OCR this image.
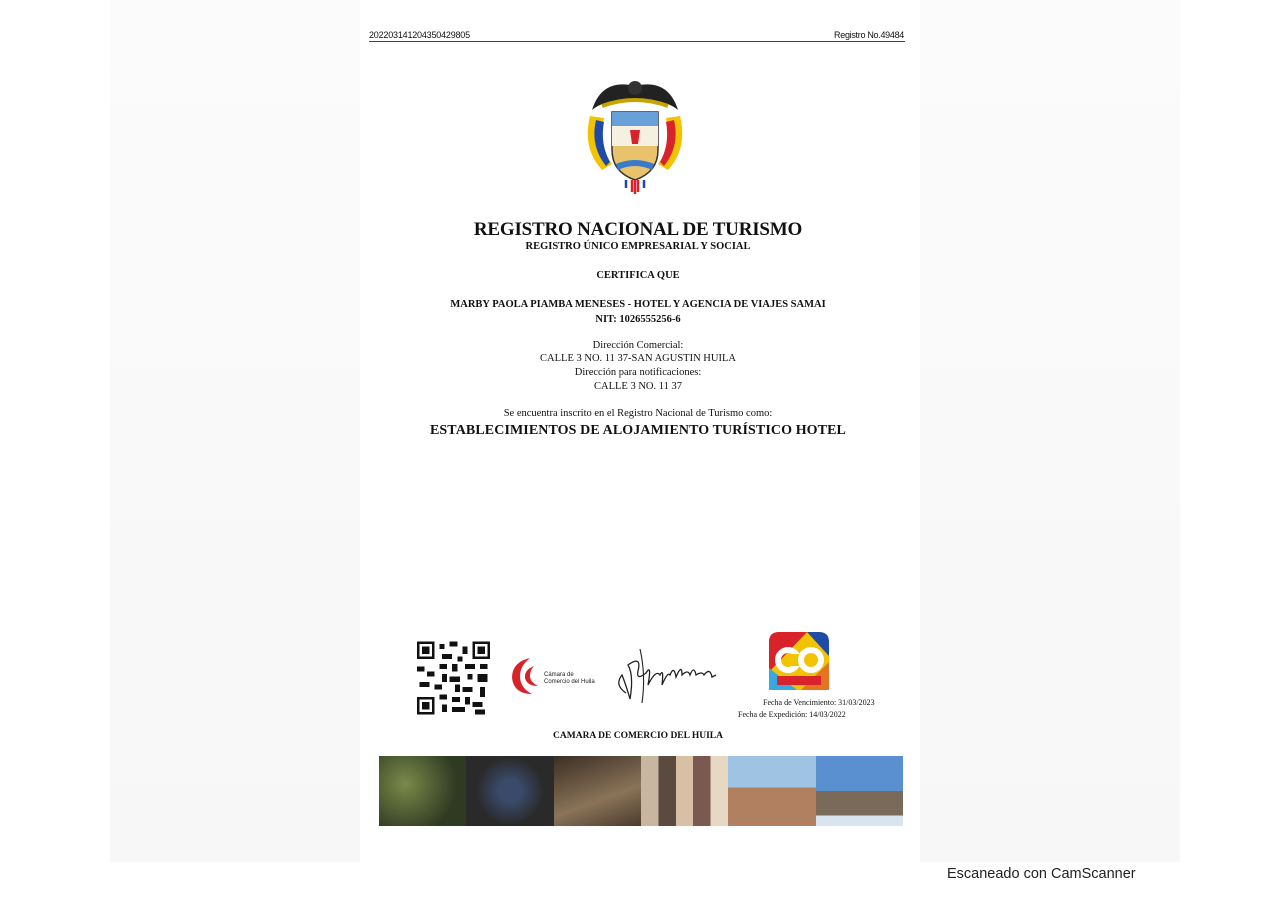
20220314120435042980​5	Registro No.49484
REGISTRO NACIONAL DE TURISMO
REGISTRO ÚNICO EMPRESARIAL Y SOCIAL
CERTIFICA QUE
MARBY PAOLA PIAMBA MENESES - HOTEL Y AGENCIA DE VIAJES SAMAI
NIT: 1026555256-6
Dirección Comercial:
CALLE 3 NO. 11 37-SAN AGUSTIN HUILA
Dirección para notificaciones:
CALLE 3 NO. 11 37
Se encuentra inscrito en el Registro Nacional de Turismo como:
ESTABLECIMIENTOS DE ALOJAMIENTO TURÍSTICO HOTEL
Cámara de Comercio del Huila
Fecha de Vencimiento: 31/03/2023
Fecha de Expedición: 14/03/2022
CAMARA DE COMERCIO DEL HUILA
Escaneado con CamScanner
